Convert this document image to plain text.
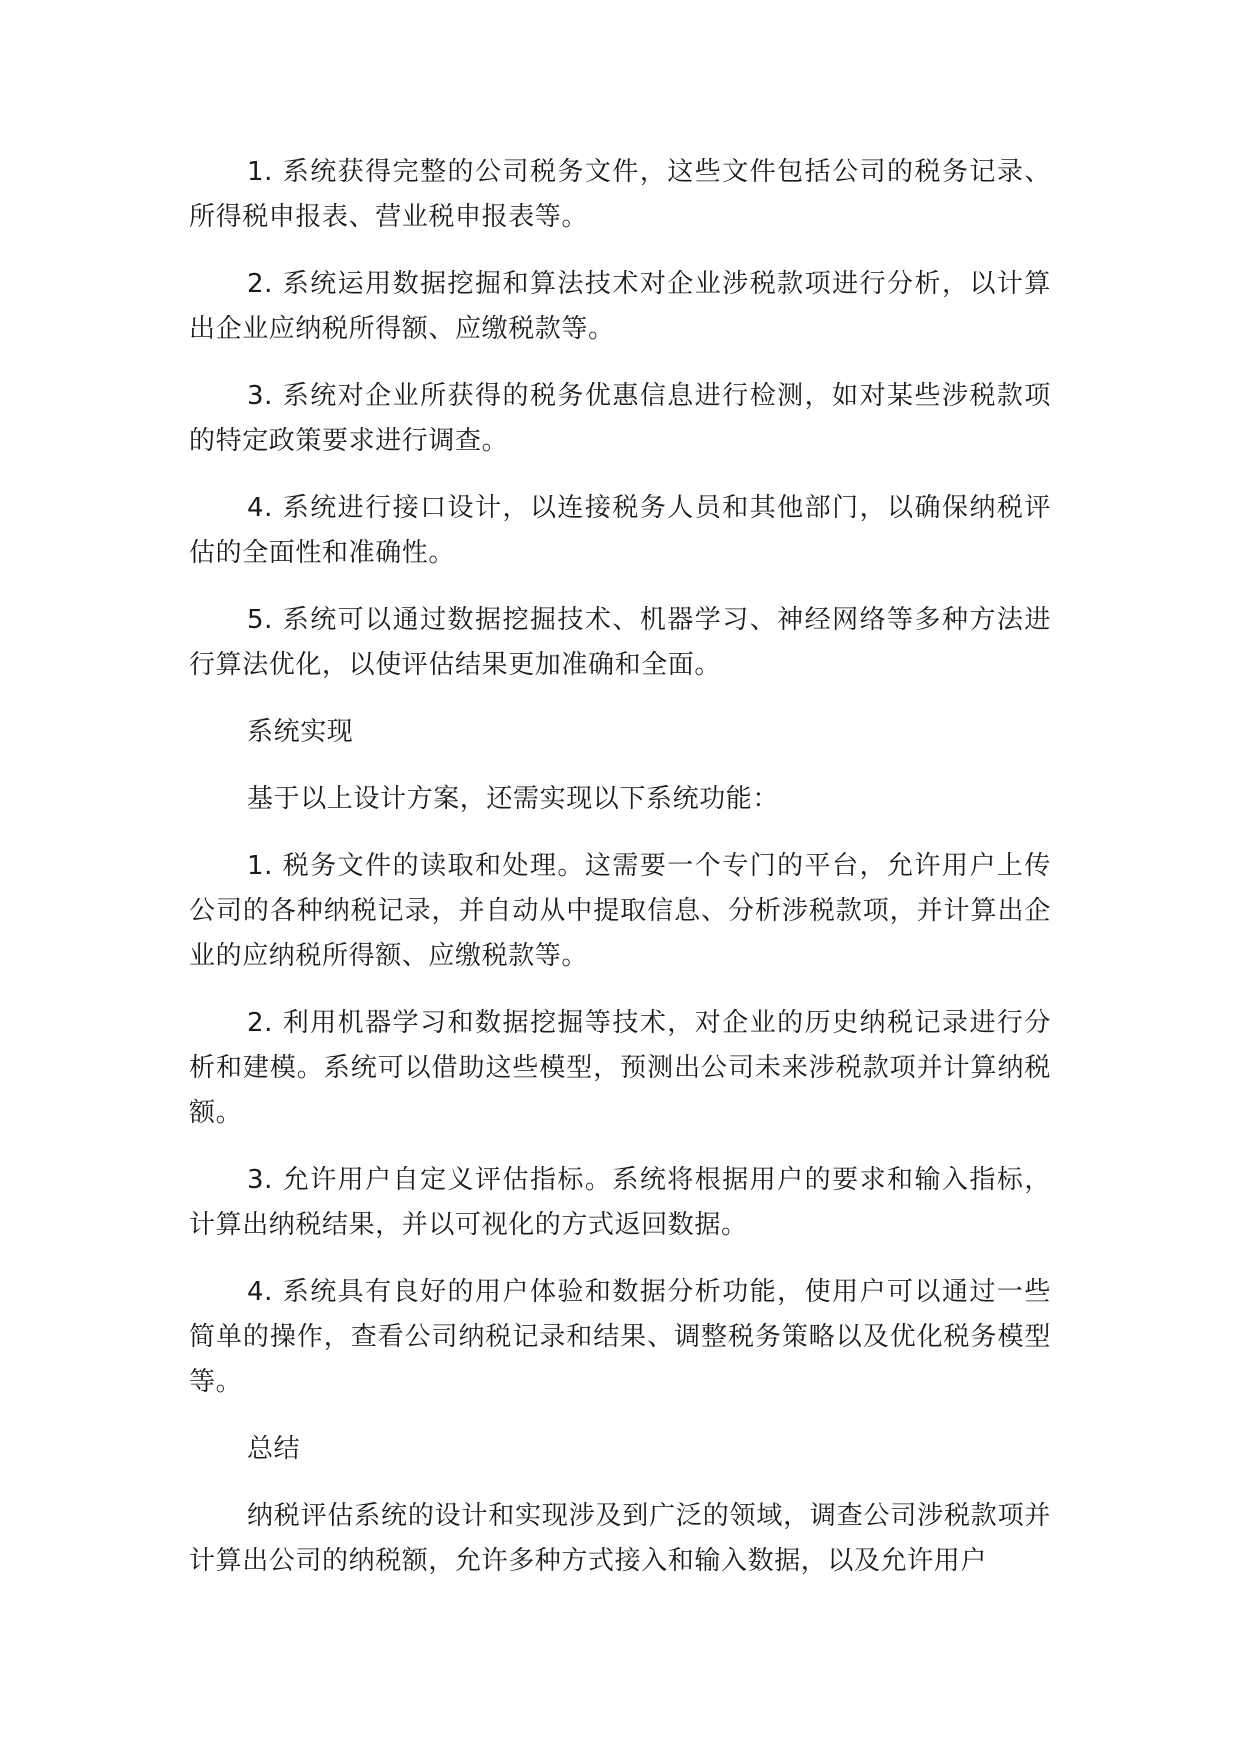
1. 系统获得完整的公司税务文件，这些文件包括公司的税务记录、所得税申报表、营业税申报表等。

2. 系统运用数据挖掘和算法技术对企业涉税款项进行分析，以计算出企业应纳税所得额、应缴税款等。

3. 系统对企业所获得的税务优惠信息进行检测，如对某些涉税款项的特定政策要求进行调查。

4. 系统进行接口设计，以连接税务人员和其他部门，以确保纳税评估的全面性和准确性。

5. 系统可以通过数据挖掘技术、机器学习、神经网络等多种方法进行算法优化，以使评估结果更加准确和全面。

系统实现

基于以上设计方案，还需实现以下系统功能：

1. 税务文件的读取和处理。这需要一个专门的平台，允许用户上传公司的各种纳税记录，并自动从中提取信息、分析涉税款项，并计算出企业的应纳税所得额、应缴税款等。

2. 利用机器学习和数据挖掘等技术，对企业的历史纳税记录进行分析和建模。系统可以借助这些模型，预测出公司未来涉税款项并计算纳税额。

3. 允许用户自定义评估指标。系统将根据用户的要求和输入指标，计算出纳税结果，并以可视化的方式返回数据。

4. 系统具有良好的用户体验和数据分析功能，使用户可以通过一些简单的操作，查看公司纳税记录和结果、调整税务策略以及优化税务模型等。

总结

纳税评估系统的设计和实现涉及到广泛的领域，调查公司涉税款项并计算出公司的纳税额，允许多种方式接入和输入数据，以及允许用户
